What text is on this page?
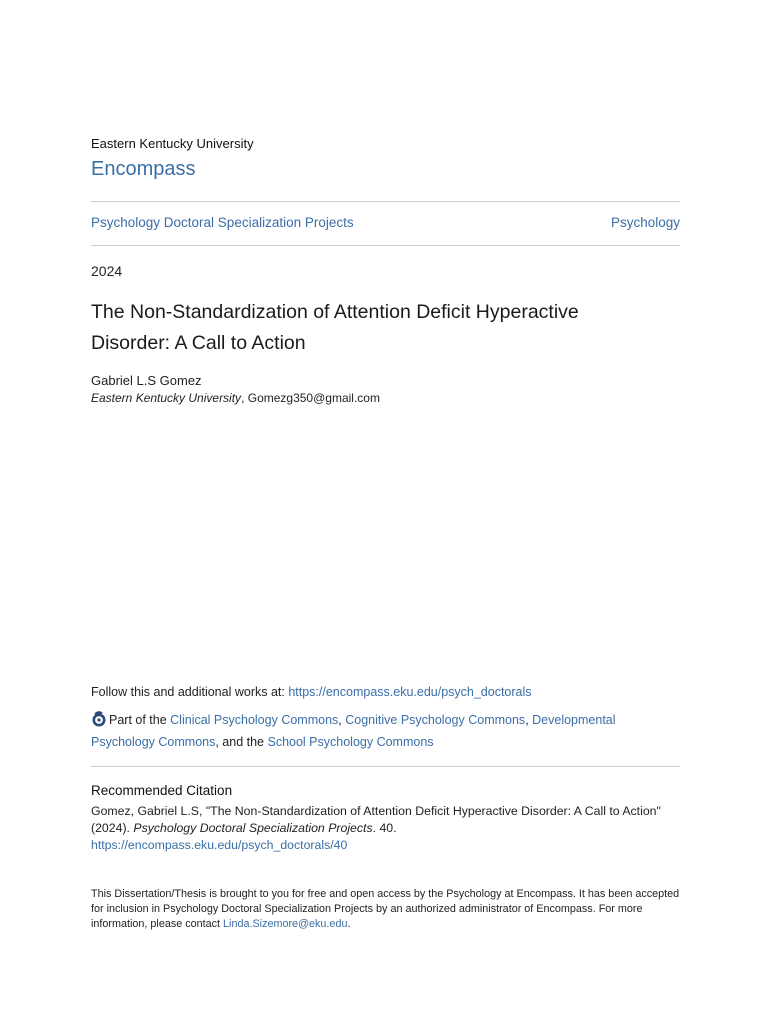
Eastern Kentucky University
Encompass
Psychology Doctoral Specialization Projects	Psychology
2024
The Non-Standardization of Attention Deficit Hyperactive Disorder: A Call to Action
Gabriel L.S Gomez
Eastern Kentucky University, Gomezg350@gmail.com
Follow this and additional works at: https://encompass.eku.edu/psych_doctorals
Part of the Clinical Psychology Commons, Cognitive Psychology Commons, Developmental Psychology Commons, and the School Psychology Commons
Recommended Citation
Gomez, Gabriel L.S, "The Non-Standardization of Attention Deficit Hyperactive Disorder: A Call to Action"
(2024). Psychology Doctoral Specialization Projects. 40.
https://encompass.eku.edu/psych_doctorals/40
This Dissertation/Thesis is brought to you for free and open access by the Psychology at Encompass. It has been accepted for inclusion in Psychology Doctoral Specialization Projects by an authorized administrator of Encompass. For more information, please contact Linda.Sizemore@eku.edu.
